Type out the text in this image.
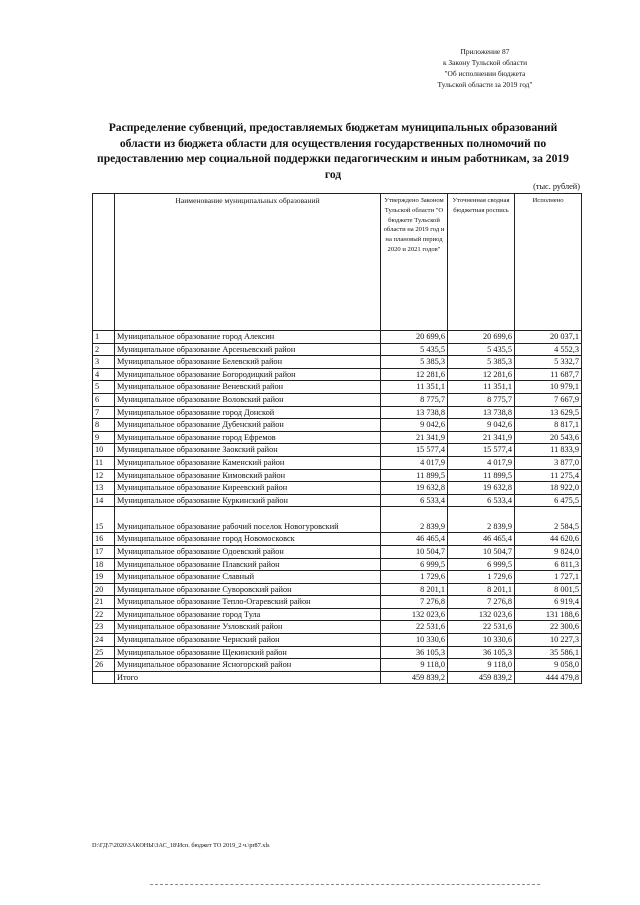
Приложение 87
к Закону Тульской области
"Об исполнении бюджета
Тульской области за 2019 год"
Распределение субвенций, предоставляемых бюджетам муниципальных образований области из бюджета области для осуществления государственных полномочий по предоставлению мер социальной поддержки педагогическим и иным работникам, за 2019 год
(тыс. рублей)
	Наименование муниципальных образований	Утверждено Законом Тульской области "О бюджете Тульской области на 2019 год и на плановый период 2020 и 2021 годов"	Уточненная сводная бюджетная роспись	Исполнено
1	Муниципальное образование город Алексин	20 699,6	20 699,6	20 037,1
2	Муниципальное образование Арсеньевский район	5 435,5	5 435,5	4 552,3
3	Муниципальное образование Белевский район	5 385,3	5 385,3	5 332,7
4	Муниципальное образование Богородицкий район	12 281,6	12 281,6	11 687,7
5	Муниципальное образование Веневский район	11 351,1	11 351,1	10 979,1
6	Муниципальное образование Воловский район	8 775,7	8 775,7	7 667,9
7	Муниципальное образование город Донской	13 738,8	13 738,8	13 629,5
8	Муниципальное образование Дубенский район	9 042,6	9 042,6	8 817,1
9	Муниципальное образование город Ефремов	21 341,9	21 341,9	20 543,6
10	Муниципальное образование Заокский район	15 577,4	15 577,4	11 833,9
11	Муниципальное образование Каменский район	4 017,9	4 017,9	3 877,0
12	Муниципальное образование Кимовский район	11 899,5	11 899,5	11 275,4
13	Муниципальное образование Киреевский район	19 632,8	19 632,8	18 922,0
14	Муниципальное образование Куркинский район	6 533,4	6 533,4	6 475,5
15	Муниципальное образование рабочий поселок Новогуровский	2 839,9	2 839,9	2 584,5
16	Муниципальное образование город Новомосковск	46 465,4	46 465,4	44 620,6
17	Муниципальное образование Одоевский район	10 504,7	10 504,7	9 824,0
18	Муниципальное образование Плавский район	6 999,5	6 999,5	6 811,3
19	Муниципальное образование Славный	1 729,6	1 729,6	1 727,1
20	Муниципальное образование Суворовский район	8 201,1	8 201,1	8 001,5
21	Муниципальное образование Тепло-Огаревский район	7 276,8	7 276,8	6 919,4
22	Муниципальное образование город Тула	132 023,6	132 023,6	131 188,6
23	Муниципальное образование Узловский район	22 531,6	22 531,6	22 300,6
24	Муниципальное образование Чернский район	10 330,6	10 330,6	10 227,3
25	Муниципальное образование Щекинский район	36 105,3	36 105,3	35 586,1
26	Муниципальное образование Ясногорский район	9 118,0	9 118,0	9 058,0
	Итого	459 839,2	459 839,2	444 479,8
D:\ГД\7\2020\ЗАКОНЫ\ЗАС_18\Исп. бюджет ТО 2019_2 ч.\pr87.xls
